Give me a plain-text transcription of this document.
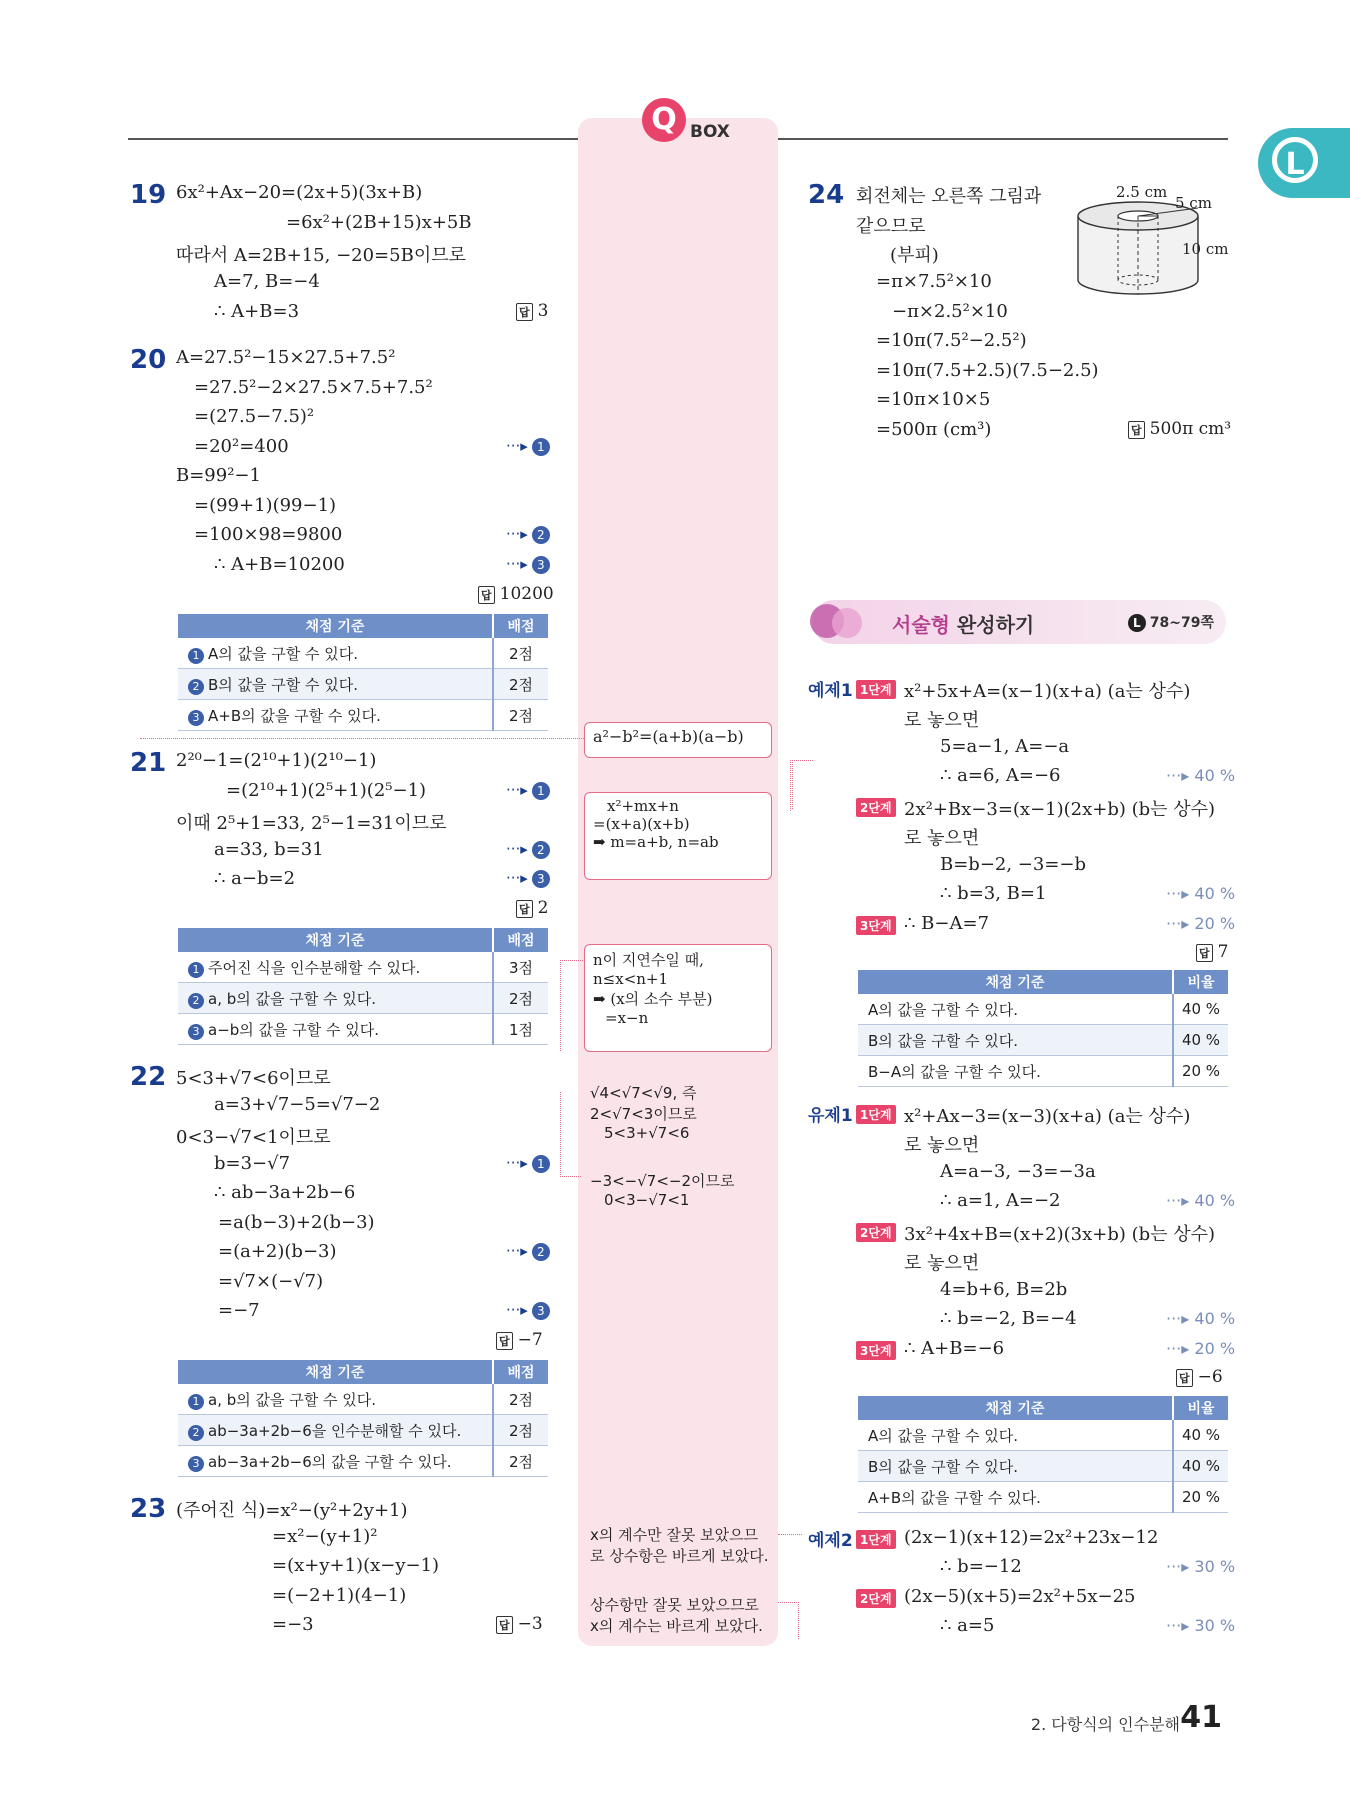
Q BOX
L
19 6x²+Ax−20=(2x+5)(3x+B)
=6x²+(2B+15)x+5B
따라서 A=2B+15, −20=5B이므로
A=7, B=−4
∴ A+B=3	답 3
20 A=27.5²−15×27.5+7.5²
=27.5²−2×27.5×7.5+7.5²
=(27.5−7.5)²
=20²=400	···▸ 1
B=99²−1
=(99+1)(99−1)
=100×98=9800	···▸ 2
∴ A+B=10200	···▸ 3
답 10200
채점 기준	배점
1 A의 값을 구할 수 있다.	2점
2 B의 값을 구할 수 있다.	2점
3 A+B의 값을 구할 수 있다.	2점
21 2²⁰−1=(2¹⁰+1)(2¹⁰−1)
=(2¹⁰+1)(2⁵+1)(2⁵−1)	···▸ 1
이때 2⁵+1=33, 2⁵−1=31이므로
a=33, b=31	···▸ 2
∴ a−b=2	···▸ 3
답 2
채점 기준	배점
1 주어진 식을 인수분해할 수 있다.	3점
2 a, b의 값을 구할 수 있다.	2점
3 a−b의 값을 구할 수 있다.	1점
22 5<3+√7<6이므로
a=3+√7−5=√7−2
0<3−√7<1이므로
b=3−√7	···▸ 1
∴ ab−3a+2b−6
=a(b−3)+2(b−3)
=(a+2)(b−3)	···▸ 2
=√7×(−√7)
=−7	···▸ 3
답 −7
채점 기준	배점
1 a, b의 값을 구할 수 있다.	2점
2 ab−3a+2b−6을 인수분해할 수 있다.	2점
3 ab−3a+2b−6의 값을 구할 수 있다.	2점
23 (주어진 식)=x²−(y²+2y+1)
=x²−(y+1)²
=(x+y+1)(x−y−1)
=(−2+1)(4−1)
=−3	답 −3
a²−b²=(a+b)(a−b)
x²+mx+n
=(x+a)(x+b)
➡ m=a+b, n=ab
n이 지연수일 때,
n≤x<n+1
➡ (x의 소수 부분)
=x−n
√4<√7<√9, 즉
2<√7<3이므로
5<3+√7<6
−3<−√7<−2이므로
0<3−√7<1
x의 계수만 잘못 보았으므
로 상수항은 바르게 보았다.
상수항만 잘못 보았으므로
x의 계수는 바르게 보았다.
24 회전체는 오른쪽 그림과
같으므로
(부피)
=π×7.5²×10
−π×2.5²×10
=10π(7.5²−2.5²)
=10π(7.5+2.5)(7.5−2.5)
=10π×10×5
=500π (cm³)	답 500π cm³
2.5 cm
5 cm
10 cm
서술형 완성하기	L 78~79쪽
예제1 1단계 x²+5x+A=(x−1)(x+a) (a는 상수)
로 놓으면
5=a−1, A=−a
∴ a=6, A=−6	···▸ 40 %
2단계 2x²+Bx−3=(x−1)(2x+b) (b는 상수)
로 놓으면
B=b−2, −3=−b
∴ b=3, B=1	···▸ 40 %
3단계 ∴ B−A=7	···▸ 20 %
답 7
채점 기준	비율
A의 값을 구할 수 있다.	40 %
B의 값을 구할 수 있다.	40 %
B−A의 값을 구할 수 있다.	20 %
유제1 1단계 x²+Ax−3=(x−3)(x+a) (a는 상수)
로 놓으면
A=a−3, −3=−3a
∴ a=1, A=−2	···▸ 40 %
2단계 3x²+4x+B=(x+2)(3x+b) (b는 상수)
로 놓으면
4=b+6, B=2b
∴ b=−2, B=−4	···▸ 40 %
3단계 ∴ A+B=−6	···▸ 20 %
답 −6
채점 기준	비율
A의 값을 구할 수 있다.	40 %
B의 값을 구할 수 있다.	40 %
A+B의 값을 구할 수 있다.	20 %
예제2 1단계 (2x−1)(x+12)=2x²+23x−12
∴ b=−12	···▸ 30 %
2단계 (2x−5)(x+5)=2x²+5x−25
∴ a=5	···▸ 30 %
2. 다항식의 인수분해 41
